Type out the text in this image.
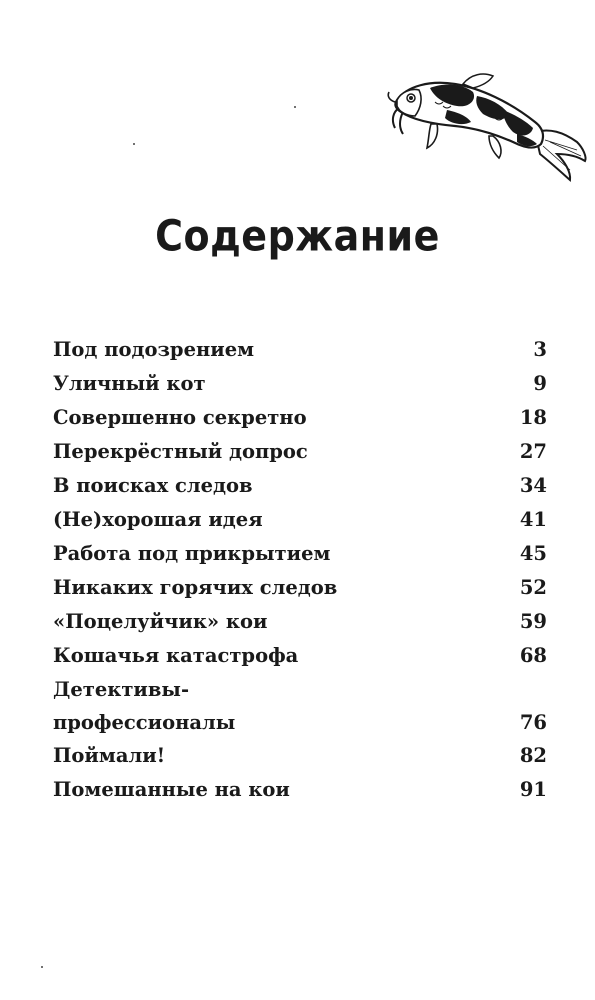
Содержание
Под подозрением	3
Уличный кот	9
Совершенно секретно	18
Перекрёстный допрос	27
В поисках следов	34
(Не)хорошая идея	41
Работа под прикрытием	45
Никаких горячих следов	52
«Поцелуйчик» кои	59
Кошачья катастрофа	68
Детективы-
профессионалы	76
Поймали!	82
Помешанные на кои	91
